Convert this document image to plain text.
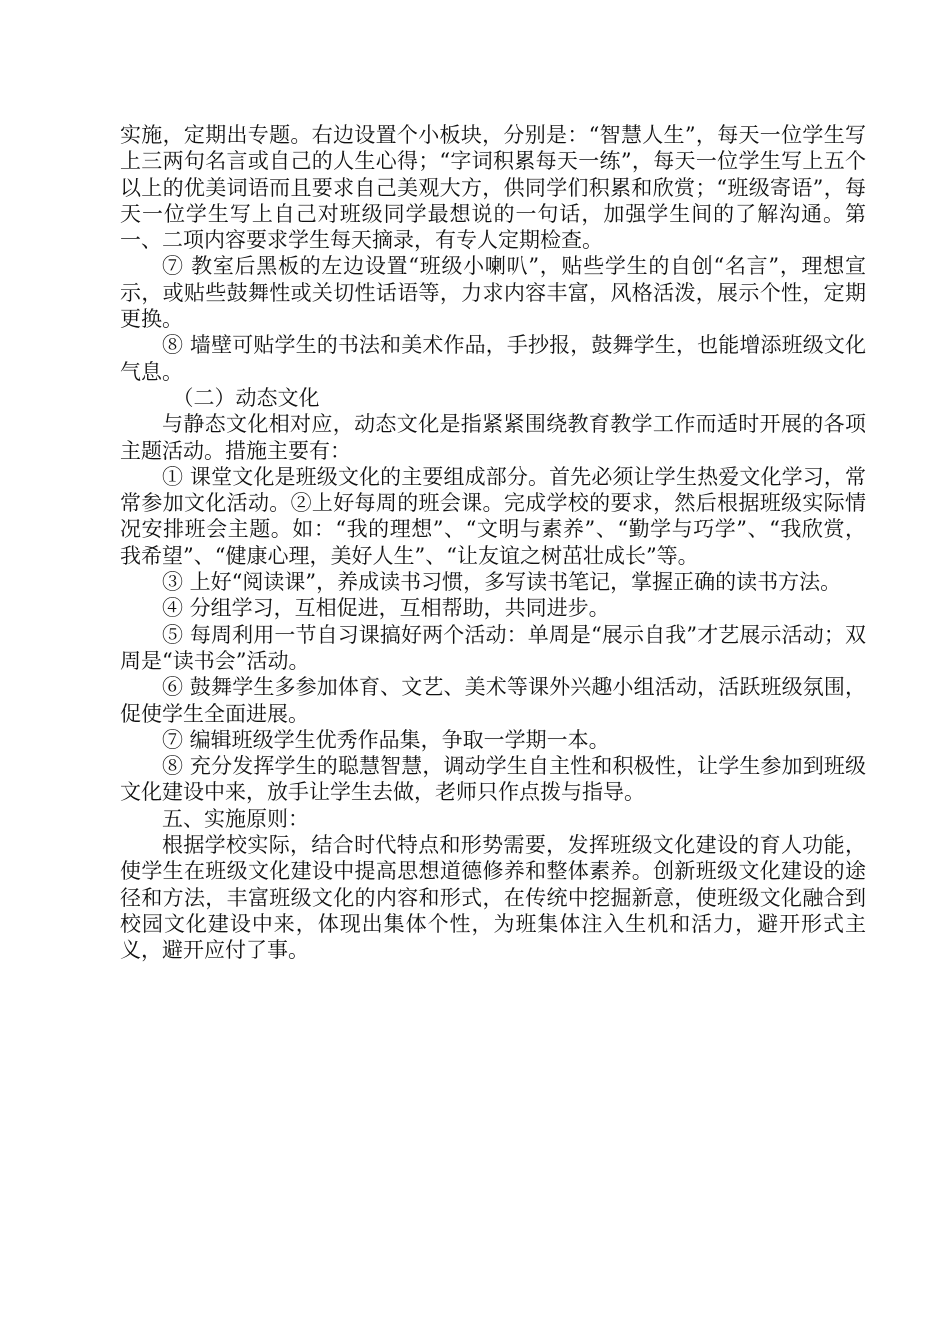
实施，定期出专题。右边设置个小板块，分别是：“智慧人生”，每天一位学生写上三两句名言或自己的人生心得；“字词积累每天一练”，每天一位学生写上五个以上的优美词语而且要求自己美观大方，供同学们积累和欣赏；“班级寄语”，每天一位学生写上自己对班级同学最想说的一句话，加强学生间的了解沟通。第一、二项内容要求学生每天摘录，有专人定期检查。

⑦ 教室后黑板的左边设置“班级小喇叭”，贴些学生的自创“名言”，理想宣示，或贴些鼓舞性或关切性话语等，力求内容丰富，风格活泼，展示个性，定期更换。

⑧ 墙壁可贴学生的书法和美术作品，手抄报，鼓舞学生，也能增添班级文化气息。

（二）动态文化

与静态文化相对应，动态文化是指紧紧围绕教育教学工作而适时开展的各项主题活动。措施主要有：

① 课堂文化是班级文化的主要组成部分。首先必须让学生热爱文化学习，常常参加文化活动。②上好每周的班会课。完成学校的要求，然后根据班级实际情况安排班会主题。如：“我的理想”、“文明与素养”、“勤学与巧学”、“我欣赏，我希望”、“健康心理，美好人生”、“让友谊之树茁壮成长”等。

③ 上好“阅读课”，养成读书习惯，多写读书笔记，掌握正确的读书方法。

④ 分组学习，互相促进，互相帮助，共同进步。

⑤ 每周利用一节自习课搞好两个活动：单周是“展示自我”才艺展示活动；双周是“读书会”活动。

⑥ 鼓舞学生多参加体育、文艺、美术等课外兴趣小组活动，活跃班级氛围，促使学生全面进展。

⑦ 编辑班级学生优秀作品集，争取一学期一本。

⑧ 充分发挥学生的聪慧智慧，调动学生自主性和积极性，让学生参加到班级文化建设中来，放手让学生去做，老师只作点拨与指导。

五、实施原则：

根据学校实际，结合时代特点和形势需要，发挥班级文化建设的育人功能，使学生在班级文化建设中提高思想道德修养和整体素养。创新班级文化建设的途径和方法，丰富班级文化的内容和形式，在传统中挖掘新意，使班级文化融合到校园文化建设中来，体现出集体个性，为班集体注入生机和活力，避开形式主义，避开应付了事。
